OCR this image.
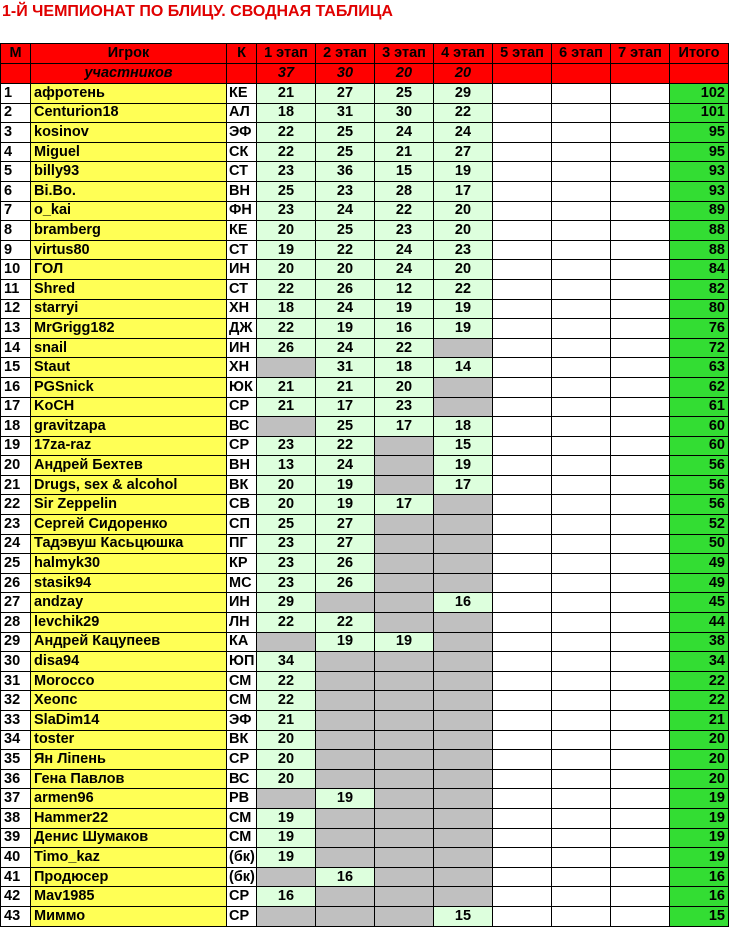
1-Й ЧЕМПИОНАТ ПО БЛИЦУ. СВОДНАЯ ТАБЛИЦА
М	Игрок	К	1 этап	2 этап	3 этап	4 этап	5 этап	6 этап	7 этап	Итого
	участников		37	30	20	20				
1	афротень	КЕ	21	27	25	29				102
2	Centurion18	АЛ	18	31	30	22				101
3	kosinov	ЭФ	22	25	24	24				95
4	Miguel	СК	22	25	21	27				95
5	billy93	СТ	23	36	15	19				93
6	Bi.Bo.	ВН	25	23	28	17				93
7	o_kai	ФН	23	24	22	20				89
8	bramberg	КЕ	20	25	23	20				88
9	virtus80	СТ	19	22	24	23				88
10	ГОЛ	ИН	20	20	24	20				84
11	Shred	СТ	22	26	12	22				82
12	starryi	ХН	18	24	19	19				80
13	MrGrigg182	ДЖ	22	19	16	19				76
14	snail	ИН	26	24	22					72
15	Staut	ХН		31	18	14				63
16	PGSnick	ЮК	21	21	20					62
17	KoCH	СР	21	17	23					61
18	gravitzapa	ВС		25	17	18				60
19	17za-raz	СР	23	22		15				60
20	Андрей Бехтев	ВН	13	24		19				56
21	Drugs, sex & alcohol	ВК	20	19		17				56
22	Sir Zeppelin	СВ	20	19	17					56
23	Сергей Сидоренко	СП	25	27						52
24	Тадэвуш Касьцюшка	ПГ	23	27						50
25	halmyk30	КР	23	26						49
26	stasik94	МС	23	26						49
27	andzay	ИН	29			16				45
28	levchik29	ЛН	22	22						44
29	Андрей Кацупеев	КА		19	19					38
30	disa94	ЮП	34							34
31	Morocco	СМ	22							22
32	Хеопс	СМ	22							22
33	SlaDim14	ЭФ	21							21
34	toster	ВК	20							20
35	Ян Ліпень	СР	20							20
36	Гена Павлов	ВС	20							20
37	armen96	РВ		19						19
38	Hammer22	СМ	19							19
39	Денис Шумаков	СМ	19							19
40	Timo_kaz	(бк)	19							19
41	Продюсер	(бк)		16						16
42	Mav1985	СР	16							16
43	Миммо	СР				15				15
